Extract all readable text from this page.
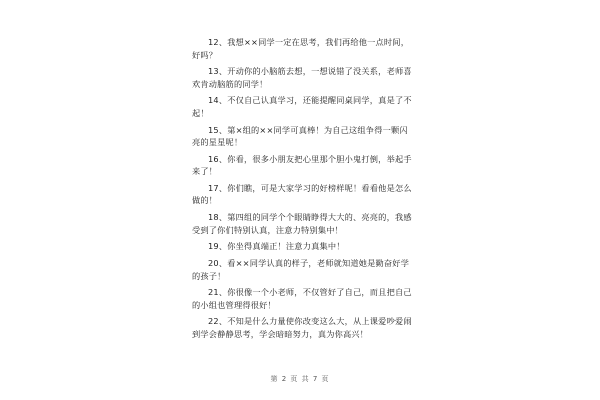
12、我想××同学一定在思考，我们再给他一点时间，好吗？

13、开动你的小脑筋去想，一想说错了没关系，老师喜欢肯动脑筋的同学！

14、不仅自己认真学习，还能提醒同桌同学，真是了不起！

15、第×组的××同学可真棒！为自己这组争得一颗闪亮的星星呢！

16、你看，很多小朋友把心里那个胆小鬼打倒，举起手来了！

17、你们瞧，可是大家学习的好榜样呢！看看他是怎么做的！

18、第四组的同学个个眼睛睁得大大的、亮亮的，我感受到了你们特别认真，注意力特别集中！

19、你坐得真端正！注意力真集中！

20、看××同学认真的样子，老师就知道她是勤奋好学的孩子！

21、你很像一个小老师，不仅管好了自己，而且把自己的小组也管理得很好！

22、不知是什么力量使你改变这么大，从上课爱吵爱闹到学会静静思考，学会暗暗努力，真为你高兴！

第 2 页 共 7 页
